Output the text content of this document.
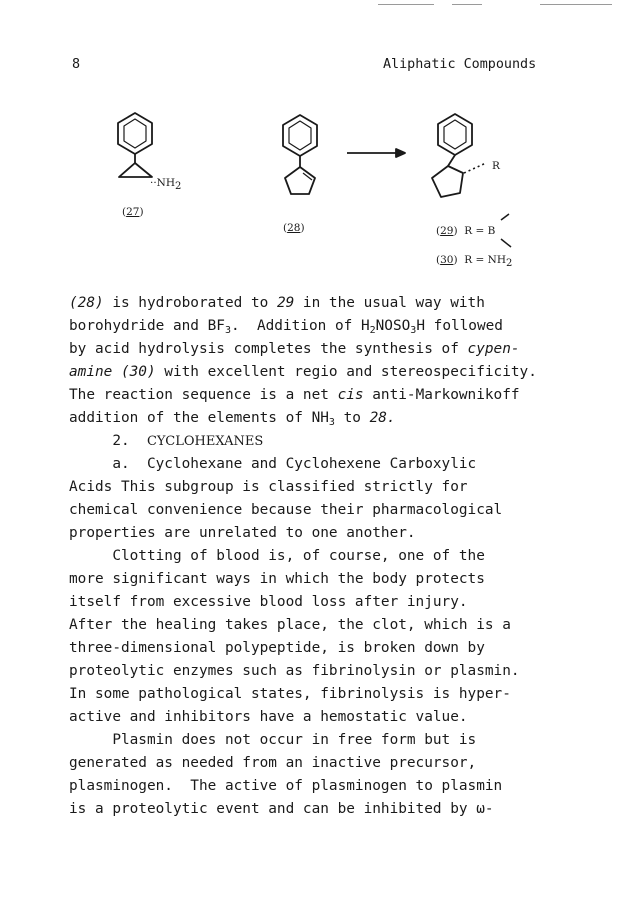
8	Aliphatic Compounds
$\cdot\cdot NH_2$
(27)
(28)
R
(29)  R = B
(30)  $R = NH_2$
(28) is hydroborated to 29 in the usual way with
borohydride and $BF_3$.  Addition of $H_2NOSO_3H$ followed
by acid hydrolysis completes the synthesis of cypen-
amine (30) with excellent regio and stereospecificity.
The reaction sequence is a net cis anti-Markownikoff
addition of the elements of $NH_3$ to 28.
2.  CYCLOHEXANES
a.  Cyclohexane and Cyclohexene Carboxylic
Acids This subgroup is classified strictly for
chemical convenience because their pharmacological
properties are unrelated to one another.
Clotting of blood is, of course, one of the
more significant ways in which the body protects
itself from excessive blood loss after injury.
After the healing takes place, the clot, which is a
three-dimensional polypeptide, is broken down by
proteolytic enzymes such as fibrinolysin or plasmin.
In some pathological states, fibrinolysis is hyper-
active and inhibitors have a hemostatic value.
Plasmin does not occur in free form but is
generated as needed from an inactive precursor,
plasminogen.  The active of plasminogen to plasmin
is a proteolytic event and can be inhibited by ω-
